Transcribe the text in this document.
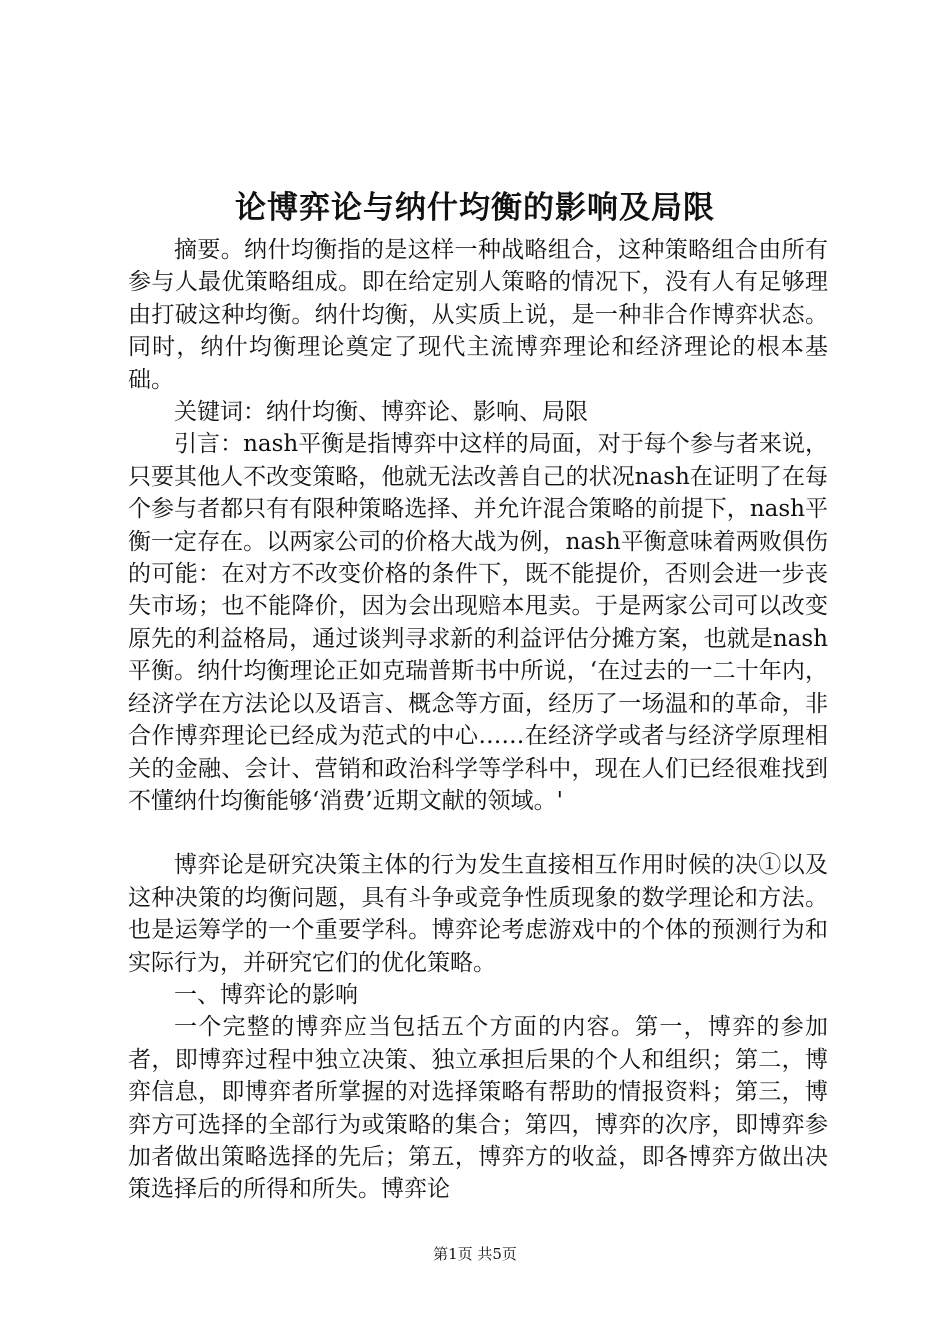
论博弈论与纳什均衡的影响及局限

摘要。纳什均衡指的是这样一种战略组合，这种策略组合由所有参与人最优策略组成。即在给定别人策略的情况下，没有人有足够理由打破这种均衡。纳什均衡，从实质上说，是一种非合作博弈状态。同时，纳什均衡理论奠定了现代主流博弈理论和经济理论的根本基础。

关键词：纳什均衡、博弈论、影响、局限

引言：nash平衡是指博弈中这样的局面，对于每个参与者来说，只要其他人不改变策略，他就无法改善自己的状况nash在证明了在每个参与者都只有有限种策略选择、并允许混合策略的前提下，nash平衡一定存在。以两家公司的价格大战为例，nash平衡意味着两败俱伤的可能：在对方不改变价格的条件下，既不能提价，否则会进一步丧失市场；也不能降价，因为会出现赔本甩卖。于是两家公司可以改变原先的利益格局，通过谈判寻求新的利益评估分摊方案，也就是nash平衡。纳什均衡理论正如克瑞普斯书中所说，‘在过去的一二十年内，经济学在方法论以及语言、概念等方面，经历了一场温和的革命，非合作博弈理论已经成为范式的中心……在经济学或者与经济学原理相关的金融、会计、营销和政治科学等学科中，现在人们已经很难找到不懂纳什均衡能够‘消费’近期文献的领域。'

博弈论是研究决策主体的行为发生直接相互作用时候的决①以及这种决策的均衡问题，具有斗争或竞争性质现象的数学理论和方法。也是运筹学的一个重要学科。博弈论考虑游戏中的个体的预测行为和实际行为，并研究它们的优化策略。

一、博弈论的影响

一个完整的博弈应当包括五个方面的内容。第一，博弈的参加者，即博弈过程中独立决策、独立承担后果的个人和组织；第二，博弈信息，即博弈者所掌握的对选择策略有帮助的情报资料；第三，博弈方可选择的全部行为或策略的集合；第四，博弈的次序，即博弈参加者做出策略选择的先后；第五，博弈方的收益，即各博弈方做出决策选择后的所得和所失。博弈论

第1页 共5页
